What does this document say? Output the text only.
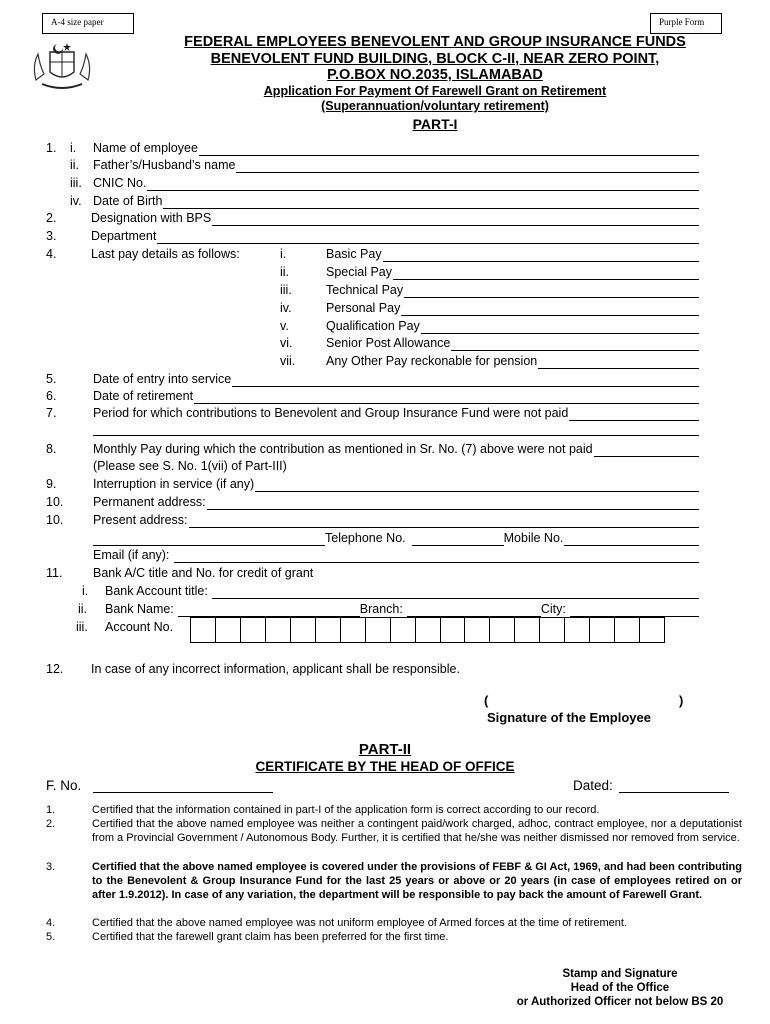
A-4 size paper	Purple Form
FEDERAL EMPLOYEES BENEVOLENT AND GROUP INSURANCE FUNDS
BENEVOLENT FUND BUILDING, BLOCK C-II, NEAR ZERO POINT,
P.O.BOX NO.2035, ISLAMABAD
Application For Payment Of Farewell Grant on Retirement
(Superannuation/voluntary retirement)
PART-I
1. i. Name of employee
ii. Father’s/Husband’s name
iii. CNIC No.
iv. Date of Birth
2.	Designation with BPS
3.	Department
4.	Last pay details as follows:	i.	Basic Pay
ii.	Special Pay
iii.	Technical Pay
iv.	Personal Pay
v.	Qualification Pay
vi.	Senior Post Allowance
vii. Any Other Pay reckonable for pension
5.	Date of entry into service
6.	Date of retirement
7.	Period for which contributions to Benevolent and Group Insurance Fund were not paid
8.	Monthly Pay during which the contribution as mentioned in Sr. No. (7) above were not paid
(Please see S. No. 1(vii) of Part-III)
9.	Interruption in service (if any)
10. Permanent address:
10. Present address:
Telephone No.	Mobile No.
Email (if any):
11. Bank A/C title and No. for credit of grant
i. Bank Account title:
ii. Bank Name:	Branch:	City:
iii. Account No.
12. In case of any incorrect information, applicant shall be responsible.
(	)
Signature of the Employee
PART-II
CERTIFICATE BY THE HEAD OF OFFICE
F. No.	Dated:
1.	Certified that the information contained in part-I of the application form is correct according to our record.
2.	Certified that the above named employee was neither a contingent paid/work charged, adhoc, contract employee, nor a deputationist from a Provincial Government / Autonomous Body. Further, it is certified that he/she was neither dismissed nor removed from service.
3.	Certified that the above named employee is covered under the provisions of FEBF & GI Act, 1969, and had been contributing to the Benevolent & Group Insurance Fund for the last 25 years or above or 20 years (in case of employees retired on or after 1.9.2012). In case of any variation, the department will be responsible to pay back the amount of Farewell Grant.
4.	Certified that the above named employee was not uniform employee of Armed forces at the time of retirement.
5.	Certified that the farewell grant claim has been preferred for the first time.
Stamp and Signature
Head of the Office
or Authorized Officer not below BS 20
